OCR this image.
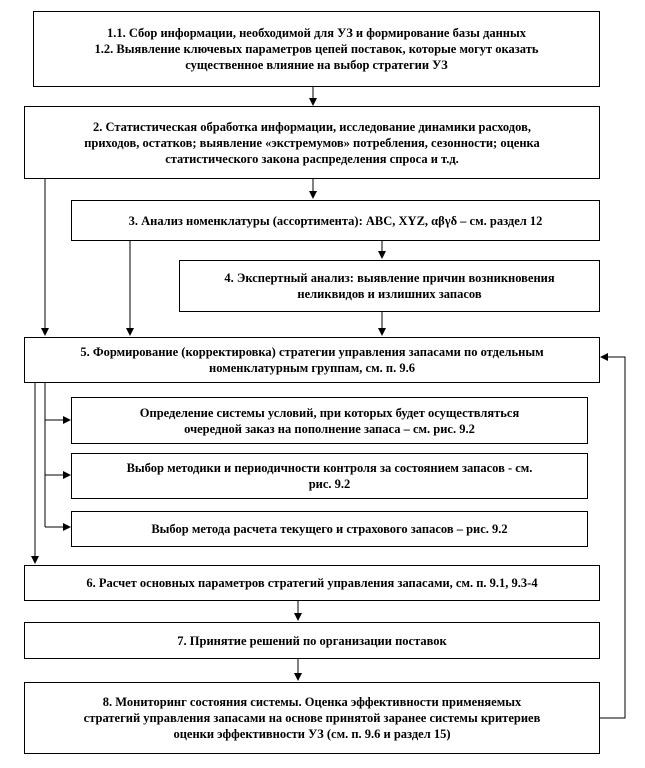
1.1. Сбор информации, необходимой для УЗ и формирование базы данных
1.2. Выявление ключевых параметров цепей поставок, которые могут оказать
существенное влияние на выбор стратегии УЗ
2. Статистическая обработка информации, исследование динамики расходов,
приходов, остатков; выявление «экстремумов» потребления, сезонности; оценка
статистического закона распределения спроса и т.д.
3. Анализ номенклатуры (ассортимента): ABC, XYZ, αβγδ – см. раздел 12
4. Экспертный анализ: выявление причин возникновения
неликвидов и излишних запасов
5. Формирование (корректировка) стратегии управления запасами по отдельным
номенклатурным группам, см. п. 9.6
Определение системы условий, при которых будет осуществляться
очередной заказ на пополнение запаса – см. рис. 9.2
Выбор методики и периодичности контроля за состоянием запасов - см.
рис. 9.2
Выбор метода расчета текущего и страхового запасов – рис. 9.2
6. Расчет основных параметров стратегий управления запасами, см. п. 9.1, 9.3-4
7. Принятие решений по организации поставок
8. Мониторинг состояния системы. Оценка эффективности применяемых
стратегий управления запасами на основе принятой заранее системы критериев
оценки эффективности УЗ (см. п. 9.6 и раздел 15)
